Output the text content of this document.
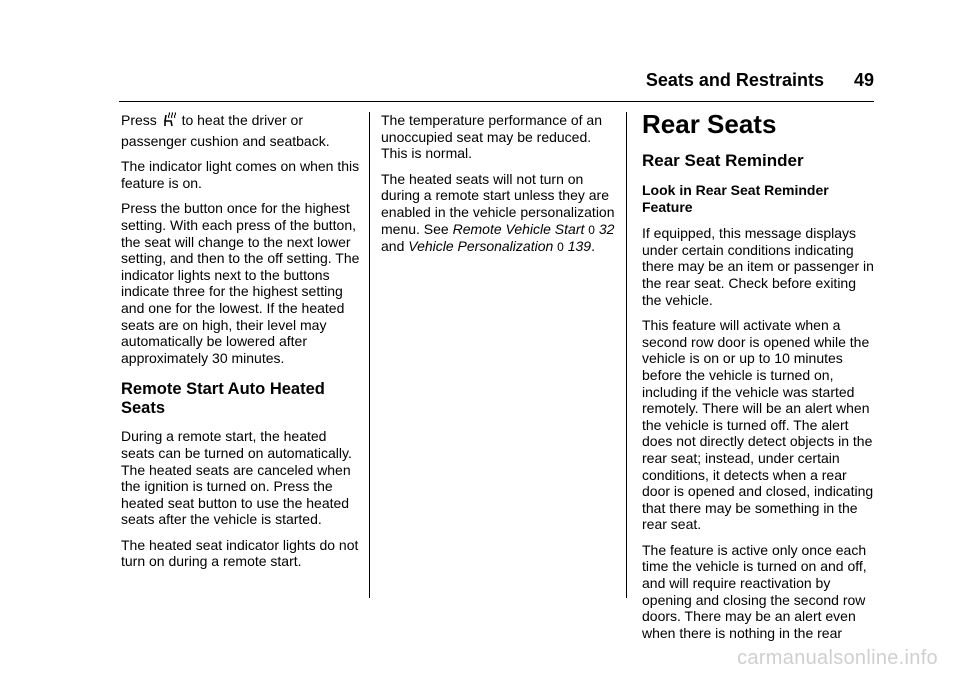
Seats and Restraints 49

Press to heat the driver or

passenger cushion and seatback.

The indicator light comes on when this feature is on.

Press the button once for the highest setting. With each press of the button, the seat will change to the next lower setting, and then to the off setting. The indicator lights next to the buttons indicate three for the highest setting and one for the lowest. If the heated seats are on high, their level may automatically be lowered after approximately 30 minutes.

Remote Start Auto Heated Seats

During a remote start, the heated seats can be turned on automatically. The heated seats are canceled when the ignition is turned on. Press the heated seat button to use the heated seats after the vehicle is started.

The heated seat indicator lights do not turn on during a remote start.

The temperature performance of an unoccupied seat may be reduced. This is normal.

The heated seats will not turn on during a remote start unless they are enabled in the vehicle personalization menu. See Remote Vehicle Start 0 32 and Vehicle Personalization 0 139.

Rear Seats
Rear Seat Reminder
Look in Rear Seat Reminder Feature

If equipped, this message displays under certain conditions indicating there may be an item or passenger in the rear seat. Check before exiting the vehicle.

This feature will activate when a second row door is opened while the vehicle is on or up to 10 minutes before the vehicle is turned on, including if the vehicle was started remotely. There will be an alert when the vehicle is turned off. The alert does not directly detect objects in the rear seat; instead, under certain conditions, it detects when a rear door is opened and closed, indicating that there may be something in the rear seat.

The feature is active only once each time the vehicle is turned on and off, and will require reactivation by opening and closing the second row doors. There may be an alert even when there is nothing in the rear

carmanualsonline.info
